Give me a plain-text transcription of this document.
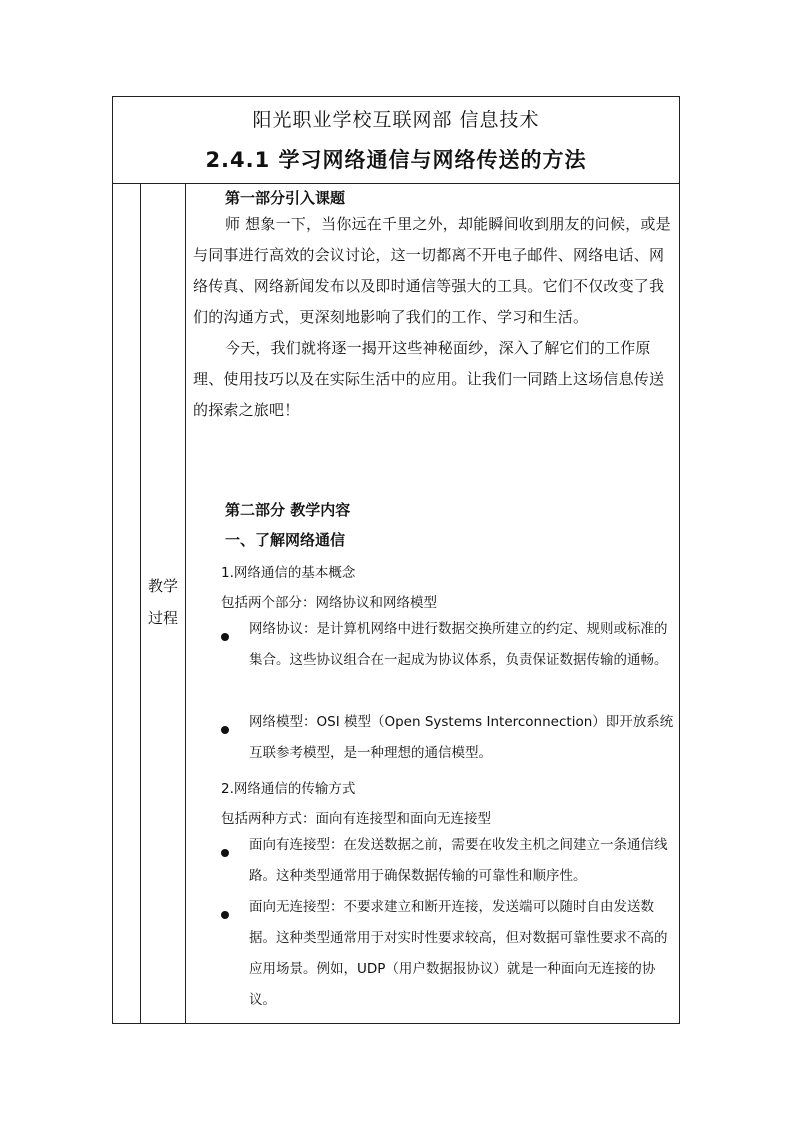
阳光职业学校互联网部 信息技术
2.4.1 学习网络通信与网络传送的方法
教学
过程
第一部分引入课题
师 想象一下，当你远在千里之外，却能瞬间收到朋友的问候，或是与同事进行高效的会议讨论，这一切都离不开电子邮件、网络电话、网络传真、网络新闻发布以及即时通信等强大的工具。它们不仅改变了我们的沟通方式，更深刻地影响了我们的工作、学习和生活。
今天，我们就将逐一揭开这些神秘面纱，深入了解它们的工作原理、使用技巧以及在实际生活中的应用。让我们一同踏上这场信息传送的探索之旅吧！
第二部分 教学内容
一、了解网络通信
1.网络通信的基本概念
包括两个部分：网络协议和网络模型
网络协议：是计算机网络中进行数据交换所建立的约定、规则或标准的集合。这些协议组合在一起成为协议体系，负责保证数据传输的通畅。
网络模型：OSI 模型（Open Systems Interconnection）即开放系统互联参考模型，是一种理想的通信模型。
2.网络通信的传输方式
包括两种方式：面向有连接型和面向无连接型
面向有连接型：在发送数据之前，需要在收发主机之间建立一条通信线路。这种类型通常用于确保数据传输的可靠性和顺序性。
面向无连接型：不要求建立和断开连接，发送端可以随时自由发送数据。这种类型通常用于对实时性要求较高，但对数据可靠性要求不高的应用场景。例如，UDP（用户数据报协议）就是一种面向无连接的协议。
